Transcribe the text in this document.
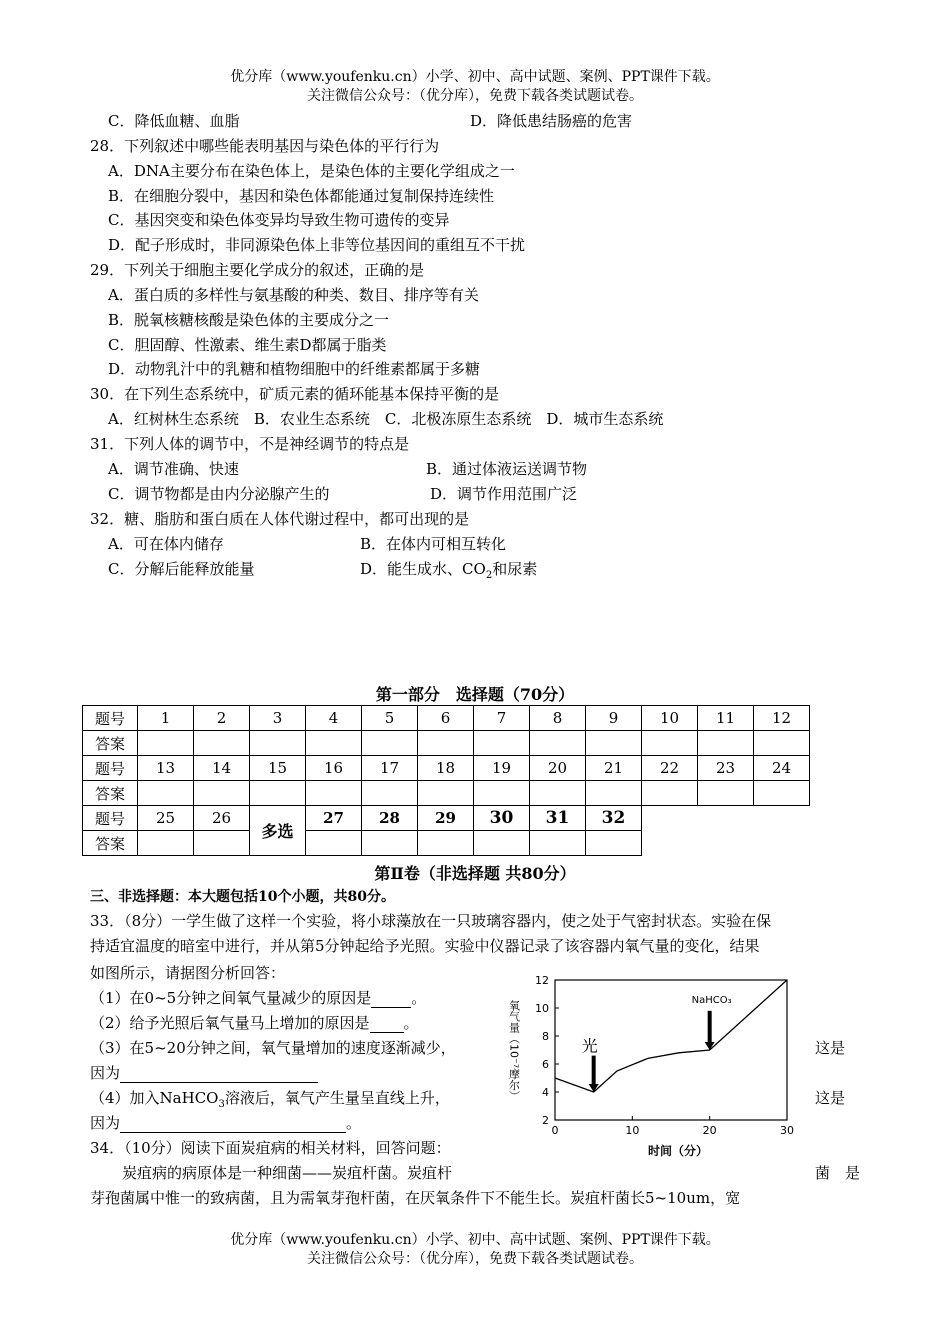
优分库（www.youfenku.cn）小学、初中、高中试题、案例、PPT课件下载。
关注微信公众号：（优分库），免费下载各类试题试卷。
C．降低血糖、血脂	D．降低患结肠癌的危害
28．下列叙述中哪些能表明基因与染色体的平行行为
A．DNA主要分布在染色体上，是染色体的主要化学组成之一
B．在细胞分裂中，基因和染色体都能通过复制保持连续性
C．基因突变和染色体变异均导致生物可遗传的变异
D．配子形成时，非同源染色体上非等位基因间的重组互不干扰
29．下列关于细胞主要化学成分的叙述，正确的是
A．蛋白质的多样性与氨基酸的种类、数目、排序等有关
B．脱氧核糖核酸是染色体的主要成分之一
C．胆固醇、性激素、维生素D都属于脂类
D．动物乳汁中的乳糖和植物细胞中的纤维素都属于多糖
30．在下列生态系统中，矿质元素的循环能基本保持平衡的是
A．红树林生态系统　B．农业生态系统　C．北极冻原生态系统　D．城市生态系统
31．下列人体的调节中，不是神经调节的特点是
A．调节准确、快速	B．通过体液运送调节物
C．调节物都是由内分泌腺产生的	D．调节作用范围广泛
32．糖、脂肪和蛋白质在人体代谢过程中，都可出现的是
A．可在体内储存	B．在体内可相互转化
C．分解后能释放能量	D．能生成水、$CO_2$和尿素
第一部分　选择题（70分）
题号	1	2	3	4	5	6	7	8	9	10	11	12
答案												
题号	13	14	15	16	17	18	19	20	21	22	23	24
答案												
题号	25	26	多选	27	28	29	30	31	32			
答案												
第Ⅱ卷（非选择题 共80分）
三、非选择题：本大题包括10个小题，共80分。
33．（8分）一学生做了这样一个实验，将小球藻放在一只玻璃容器内，使之处于气密封状态。实验在保
持适宜温度的暗室中进行，并从第5分钟起给予光照。实验中仪器记录了该容器内氧气量的变化，结果
如图所示，请据图分析回答：
（1）在0~5分钟之间氧气量减少的原因是	。
（2）给予光照后氧气量马上增加的原因是 。
（3）在5~20分钟之间，氧气量增加的速度逐渐减少，	这是
因为
（4）加入NaHCO$_3$溶液后，氧气产生量呈直线上升，	这是
因为	。	0	10	20	30
2
4
6
8
10
12
光
NaHCO₃
时间（分）
氧气量（10⁻⁷摩尔）
34．（10分）阅读下面炭疽病的相关材料，回答问题：
炭疽病的病原体是一种细菌——炭疽杆菌。炭疽杆	菌　是
芽孢菌属中惟一的致病菌，且为需氧芽孢杆菌，在厌氧条件下不能生长。炭疽杆菌长5~10um，宽
优分库（www.youfenku.cn）小学、初中、高中试题、案例、PPT课件下载。
关注微信公众号：（优分库），免费下载各类试题试卷。
